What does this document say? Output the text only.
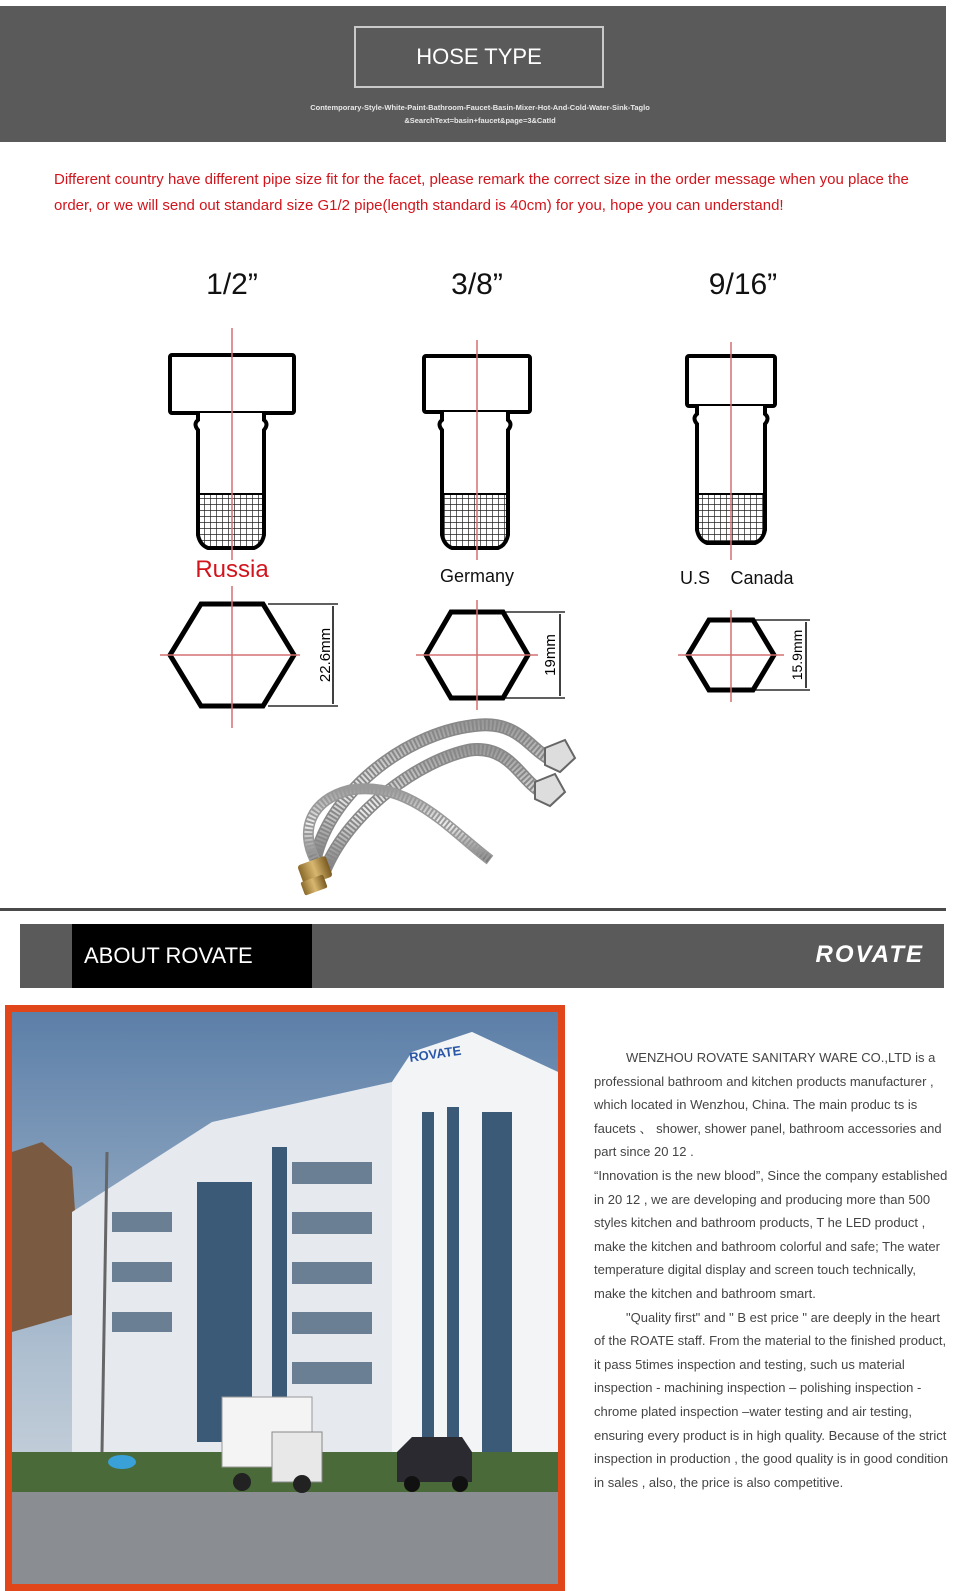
HOSE TYPE
Contemporary-Style-White-Paint-Bathroom-Faucet-Basin-Mixer-Hot-And-Cold-Water-Sink-Taglo&SearchText=basin+faucet&page=3&CatId
Different country have different pipe size fit for the facet, please remark the correct size in the order message when you place the order, or we will send out standard size G1/2 pipe(length standard is 40cm) for you, hope you can understand!
1/2”	3/8”	9/16”
22.6mm	19mm	15.9mm
Russia	Germany	U.S	Canada
ABOUT ROVATE	ROVATE
ROVATE	WENZHOU ROVATE SANITARY WARE CO.,LTD is a professional bathroom and kitchen products manufacturer , which located in Wenzhou, China. The main produc ts is faucets 、 shower, shower panel, bathroom accessories and part since 20 12 .

“Innovation is the new blood”, Since the company established in 20 12 , we are developing and producing more than 500 styles kitchen and bathroom products, T he LED product , make the kitchen and bathroom colorful and safe; The water temperature digital display and screen touch technically, make the kitchen and bathroom smart.

"Quality first" and " B est price " are deeply in the heart of the ROATE staff. From the material to the finished product, it pass 5times inspection and testing, such us material inspection - machining inspection – polishing inspection - chrome plated inspection –water testing and air testing, ensuring every product is in high quality. Because of the strict inspection in production , the good quality is in good condition in sales , also, the price is also competitive.
